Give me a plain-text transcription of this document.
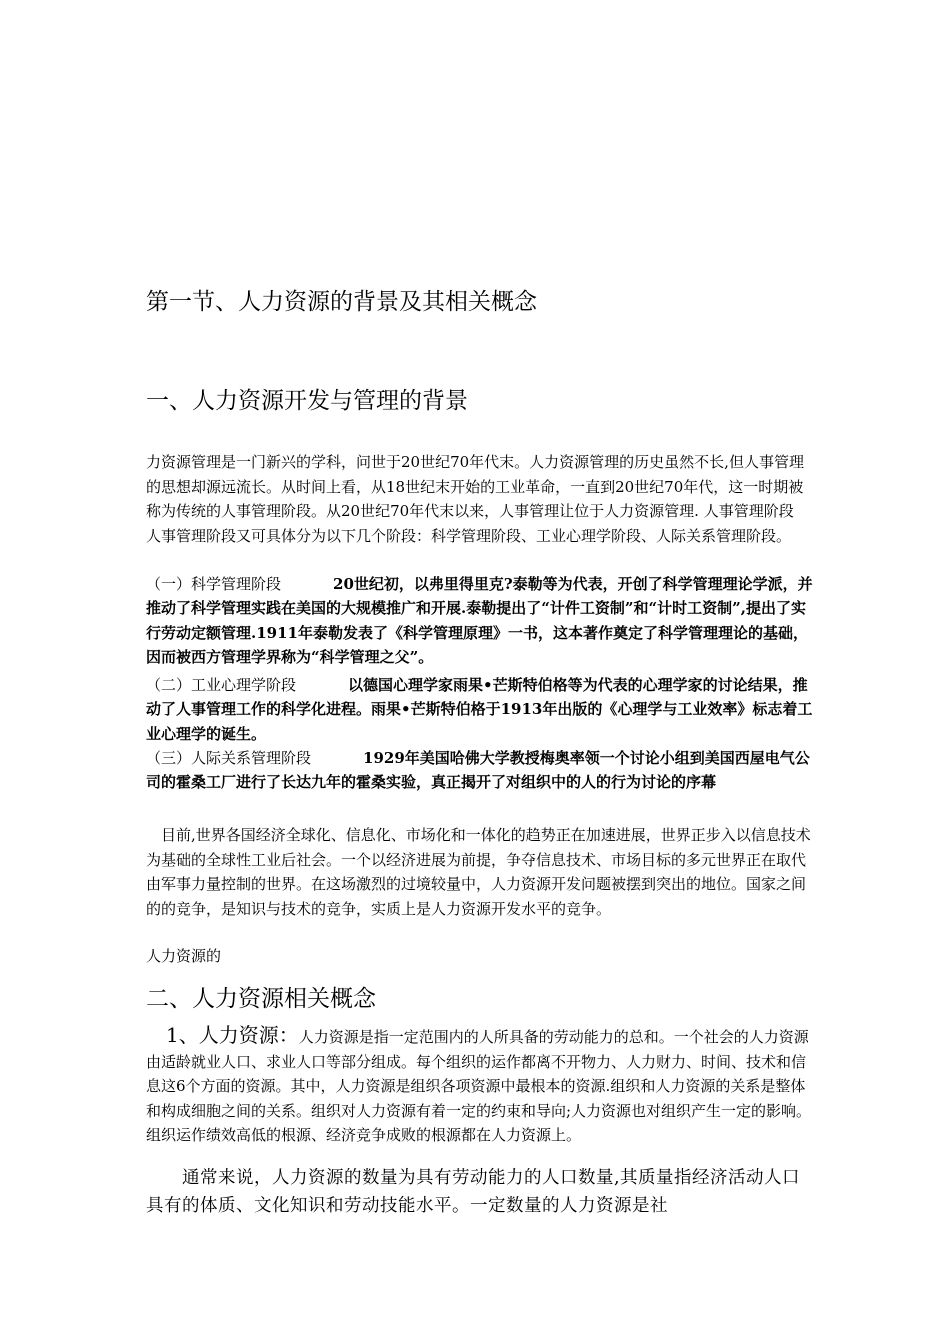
第一节、人力资源的背景及其相关概念
一、人力资源开发与管理的背景
力资源管理是一门新兴的学科，问世于20世纪70年代末。人力资源管理的历史虽然不长,但人事管理的思想却源远流长。从时间上看，从18世纪末开始的工业革命，一直到20世纪70年代，这一时期被称为传统的人事管理阶段。从20世纪70年代末以来，人事管理让位于人力资源管理. 人事管理阶段　　人事管理阶段又可具体分为以下几个阶段：科学管理阶段、工业心理学阶段、人际关系管理阶段。
（一）科学管理阶段	20世纪初，以弗里得里克?泰勒等为代表，开创了科学管理理论学派，并推动了科学管理实践在美国的大规模推广和开展.泰勒提出了“计件工资制”和“计时工资制”,提出了实行劳动定额管理.1911年泰勒发表了《科学管理原理》一书，这本著作奠定了科学管理理论的基础，因而被西方管理学界称为“科学管理之父”。
（二）工业心理学阶段	以德国心理学家雨果•芒斯特伯格等为代表的心理学家的讨论结果，推动了人事管理工作的科学化进程。雨果•芒斯特伯格于1913年出版的《心理学与工业效率》标志着工业心理学的诞生。
（三）人际关系管理阶段	1929年美国哈佛大学教授梅奥率领一个讨论小组到美国西屋电气公司的霍桑工厂进行了长达九年的霍桑实验，真正揭开了对组织中的人的行为讨论的序幕
　目前,世界各国经济全球化、信息化、市场化和一体化的趋势正在加速进展，世界正步入以信息技术为基础的全球性工业后社会。一个以经济进展为前提，争夺信息技术、市场目标的多元世界正在取代由军事力量控制的世界。在这场激烈的过境较量中，人力资源开发问题被摆到突出的地位。国家之间的的竞争，是知识与技术的竞争，实质上是人力资源开发水平的竞争。
人力资源的
二、人力资源相关概念
　1、人力资源：人力资源是指一定范围内的人所具备的劳动能力的总和。一个社会的人力资源由适龄就业人口、求业人口等部分组成。每个组织的运作都离不开物力、人力财力、时间、技术和信息这6个方面的资源。其中，人力资源是组织各项资源中最根本的资源.组织和人力资源的关系是整体和构成细胞之间的关系。组织对人力资源有着一定的约束和导向;人力资源也对组织产生一定的影响。组织运作绩效高低的根源、经济竞争成败的根源都在人力资源上。
　　通常来说，人力资源的数量为具有劳动能力的人口数量,其质量指经济活动人口具有的体质、文化知识和劳动技能水平。一定数量的人力资源是社
